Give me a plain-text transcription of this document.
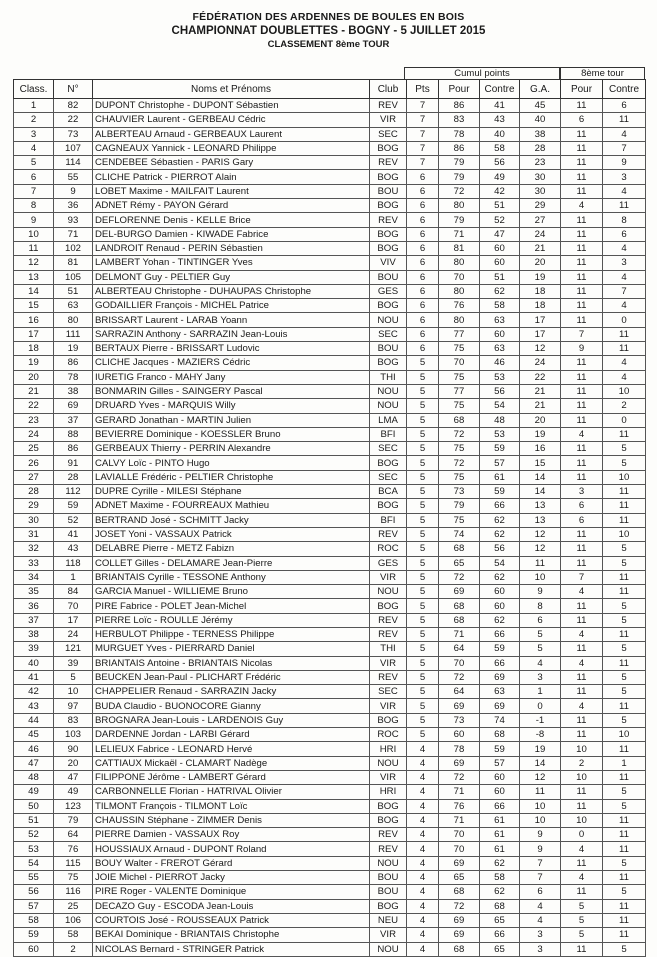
FÉDÉRATION DES ARDENNES DE BOULES EN BOIS
CHAMPIONNAT DOUBLETTES - BOGNY - 5 JUILLET 2015
CLASSEMENT 8ème TOUR
Cumul points	8ème tour
Class.	N°	Noms et Prénoms	Club	Pts	Pour	Contre	G.A.	Pour	Contre
1	82	DUPONT Christophe - DUPONT Sébastien	REV	7	86	41	45	11	6
2	22	CHAUVIER Laurent - GERBEAU Cédric	VIR	7	83	43	40	6	11
3	73	ALBERTEAU Arnaud - GERBEAUX Laurent	SEC	7	78	40	38	11	4
4	107	CAGNEAUX Yannick - LEONARD Philippe	BOG	7	86	58	28	11	7
5	114	CENDEBEE Sébastien - PARIS Gary	REV	7	79	56	23	11	9
6	55	CLICHE Patrick - PIERROT Alain	BOG	6	79	49	30	11	3
7	9	LOBET Maxime - MAILFAIT Laurent	BOU	6	72	42	30	11	4
8	36	ADNET Rémy - PAYON Gérard	BOG	6	80	51	29	4	11
9	93	DEFLORENNE Denis - KELLE Brice	REV	6	79	52	27	11	8
10	71	DEL-BURGO Damien - KIWADE Fabrice	BOG	6	71	47	24	11	6
11	102	LANDROIT Renaud - PERIN Sébastien	BOG	6	81	60	21	11	4
12	81	LAMBERT Yohan - TINTINGER Yves	VIV	6	80	60	20	11	3
13	105	DELMONT Guy - PELTIER Guy	BOU	6	70	51	19	11	4
14	51	ALBERTEAU Christophe - DUHAUPAS Christophe	GES	6	80	62	18	11	7
15	63	GODAILLIER François - MICHEL Patrice	BOG	6	76	58	18	11	4
16	80	BRISSART Laurent - LARAB Yoann	NOU	6	80	63	17	11	0
17	111	SARRAZIN Anthony - SARRAZIN Jean-Louis	SEC	6	77	60	17	7	11
18	19	BERTAUX Pierre - BRISSART Ludovic	BOU	6	75	63	12	9	11
19	86	CLICHE Jacques - MAZIERS Cédric	BOG	5	70	46	24	11	4
20	78	IURETIG Franco - MAHY Jany	THI	5	75	53	22	11	4
21	38	BONMARIN Gilles - SAINGERY Pascal	NOU	5	77	56	21	11	10
22	69	DRUARD Yves - MARQUIS Willy	NOU	5	75	54	21	11	2
23	37	GERARD Jonathan - MARTIN Julien	LMA	5	68	48	20	11	0
24	88	BEVIERRE Dominique - KOESSLER Bruno	BFI	5	72	53	19	4	11
25	86	GERBEAUX Thierry - PERRIN Alexandre	SEC	5	75	59	16	11	5
26	91	CALVY Loïc - PINTO Hugo	BOG	5	72	57	15	11	5
27	28	LAVIALLE Frédéric - PELTIER Christophe	SEC	5	75	61	14	11	10
28	112	DUPRE Cyrille - MILESI Stéphane	BCA	5	73	59	14	3	11
29	59	ADNET Maxime - FOURREAUX Mathieu	BOG	5	79	66	13	6	11
30	52	BERTRAND José - SCHMITT Jacky	BFI	5	75	62	13	6	11
31	41	JOSET Yoni - VASSAUX Patrick	REV	5	74	62	12	11	10
32	43	DELABRE Pierre - METZ Fabizn	ROC	5	68	56	12	11	5
33	118	COLLET Gilles - DELAMARE Jean-Pierre	GES	5	65	54	11	11	5
34	1	BRIANTAIS Cyrille - TESSONE Anthony	VIR	5	72	62	10	7	11
35	84	GARCIA Manuel - WILLIEME Bruno	NOU	5	69	60	9	4	11
36	70	PIRE Fabrice - POLET Jean-Michel	BOG	5	68	60	8	11	5
37	17	PIERRE Loïc - ROULLE Jérémy	REV	5	68	62	6	11	5
38	24	HERBULOT Philippe - TERNESS Philippe	REV	5	71	66	5	4	11
39	121	MURGUET Yves - PIERRARD Daniel	THI	5	64	59	5	11	5
40	39	BRIANTAIS Antoine - BRIANTAIS Nicolas	VIR	5	70	66	4	4	11
41	5	BEUCKEN Jean-Paul - PLICHART Frédéric	REV	5	72	69	3	11	5
42	10	CHAPPELIER Renaud - SARRAZIN Jacky	SEC	5	64	63	1	11	5
43	97	BUDA Claudio - BUONOCORE Gianny	VIR	5	69	69	0	4	11
44	83	BROGNARA Jean-Louis - LARDENOIS Guy	BOG	5	73	74	-1	11	5
45	103	DARDENNE Jordan - LARBI Gérard	ROC	5	60	68	-8	11	10
46	90	LELIEUX Fabrice - LEONARD Hervé	HRI	4	78	59	19	10	11
47	20	CATTIAUX Mickaël - CLAMART Nadège	NOU	4	69	57	14	2	1
48	47	FILIPPONE Jérôme - LAMBERT Gérard	VIR	4	72	60	12	10	11
49	49	CARBONNELLE Florian - HATRIVAL Olivier	HRI	4	71	60	11	11	5
50	123	TILMONT François - TILMONT Loïc	BOG	4	76	66	10	11	5
51	79	CHAUSSIN Stéphane - ZIMMER Denis	BOG	4	71	61	10	10	11
52	64	PIERRE Damien - VASSAUX Roy	REV	4	70	61	9	0	11
53	76	HOUSSIAUX Arnaud - DUPONT Roland	REV	4	70	61	9	4	11
54	115	BOUY Walter - FREROT Gérard	NOU	4	69	62	7	11	5
55	75	JOIE Michel - PIERROT Jacky	BOU	4	65	58	7	4	11
56	116	PIRE Roger - VALENTE Dominique	BOU	4	68	62	6	11	5
57	25	DECAZO Guy - ESCODA Jean-Louis	BOG	4	72	68	4	5	11
58	106	COURTOIS José - ROUSSEAUX Patrick	NEU	4	69	65	4	5	11
59	58	BEKAI Dominique - BRIANTAIS Christophe	VIR	4	69	66	3	5	11
60	2	NICOLAS Bernard - STRINGER Patrick	NOU	4	68	65	3	11	5
